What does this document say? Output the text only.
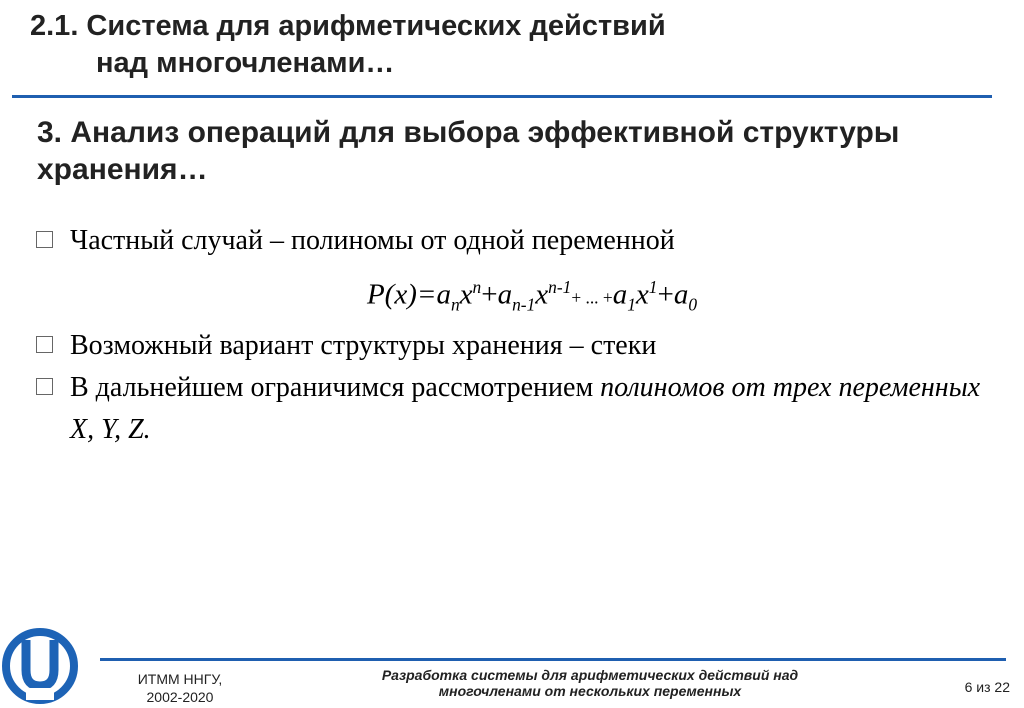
2.1. Система для арифметических действий
над многочленами…
3. Анализ операций для выбора эффективной структуры хранения…
Частный случай – полиномы от одной переменной
$P(x)=a_nx^n+a_{n-1}x^{n-1}+$ ... $+a_1x^1+a_0$
Возможный вариант структуры хранения – стеки
В дальнейшем ограничимся рассмотрением полиномов от трех переменных X, Y, Z.
ИТММ ННГУ,
2002-2020
Разработка системы для арифметических действий над
многочленами от нескольких переменных	6 из 22
